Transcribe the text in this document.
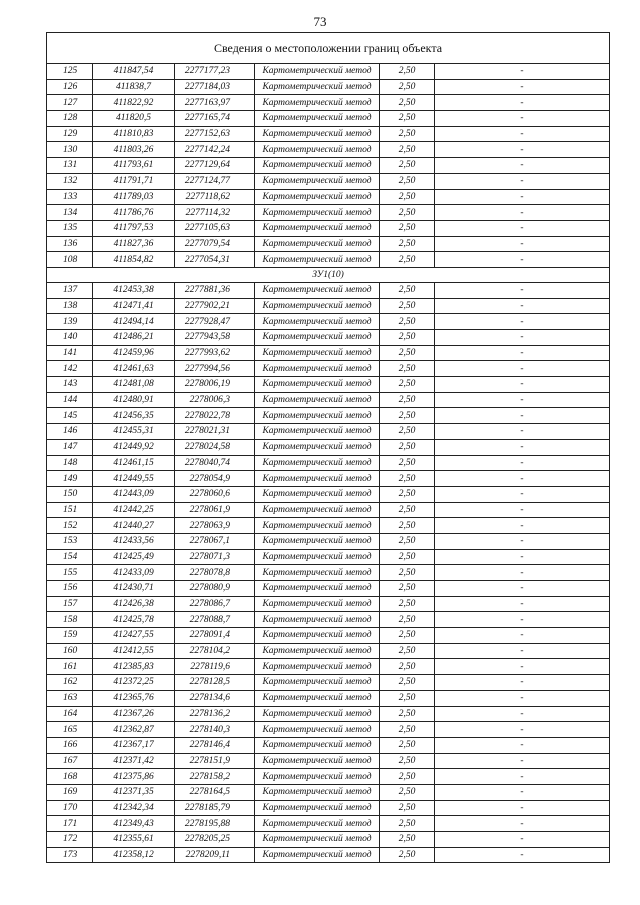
73
Сведения о местоположении границ объекта					
125	411847,54	2277177,23	Картометрический метод	2,50	-
126	411838,7	2277184,03	Картометрический метод	2,50	-
127	411822,92	2277163,97	Картометрический метод	2,50	-
128	411820,5	2277165,74	Картометрический метод	2,50	-
129	411810,83	2277152,63	Картометрический метод	2,50	-
130	411803,26	2277142,24	Картометрический метод	2,50	-
131	411793,61	2277129,64	Картометрический метод	2,50	-
132	411791,71	2277124,77	Картометрический метод	2,50	-
133	411789,03	2277118,62	Картометрический метод	2,50	-
134	411786,76	2277114,32	Картометрический метод	2,50	-
135	411797,53	2277105,63	Картометрический метод	2,50	-
136	411827,36	2277079,54	Картометрический метод	2,50	-
108	411854,82	2277054,31	Картометрический метод	2,50	-
ЗУ1(10)					
137	412453,38	2277881,36	Картометрический метод	2,50	-
138	412471,41	2277902,21	Картометрический метод	2,50	-
139	412494,14	2277928,47	Картометрический метод	2,50	-
140	412486,21	2277943,58	Картометрический метод	2,50	-
141	412459,96	2277993,62	Картометрический метод	2,50	-
142	412461,63	2277994,56	Картометрический метод	2,50	-
143	412481,08	2278006,19	Картометрический метод	2,50	-
144	412480,91	2278006,3	Картометрический метод	2,50	-
145	412456,35	2278022,78	Картометрический метод	2,50	-
146	412455,31	2278021,31	Картометрический метод	2,50	-
147	412449,92	2278024,58	Картометрический метод	2,50	-
148	412461,15	2278040,74	Картометрический метод	2,50	-
149	412449,55	2278054,9	Картометрический метод	2,50	-
150	412443,09	2278060,6	Картометрический метод	2,50	-
151	412442,25	2278061,9	Картометрический метод	2,50	-
152	412440,27	2278063,9	Картометрический метод	2,50	-
153	412433,56	2278067,1	Картометрический метод	2,50	-
154	412425,49	2278071,3	Картометрический метод	2,50	-
155	412433,09	2278078,8	Картометрический метод	2,50	-
156	412430,71	2278080,9	Картометрический метод	2,50	-
157	412426,38	2278086,7	Картометрический метод	2,50	-
158	412425,78	2278088,7	Картометрический метод	2,50	-
159	412427,55	2278091,4	Картометрический метод	2,50	-
160	412412,55	2278104,2	Картометрический метод	2,50	-
161	412385,83	2278119,6	Картометрический метод	2,50	-
162	412372,25	2278128,5	Картометрический метод	2,50	-
163	412365,76	2278134,6	Картометрический метод	2,50	-
164	412367,26	2278136,2	Картометрический метод	2,50	-
165	412362,87	2278140,3	Картометрический метод	2,50	-
166	412367,17	2278146,4	Картометрический метод	2,50	-
167	412371,42	2278151,9	Картометрический метод	2,50	-
168	412375,86	2278158,2	Картометрический метод	2,50	-
169	412371,35	2278164,5	Картометрический метод	2,50	-
170	412342,34	2278185,79	Картометрический метод	2,50	-
171	412349,43	2278195,88	Картометрический метод	2,50	-
172	412355,61	2278205,25	Картометрический метод	2,50	-
173	412358,12	2278209,11	Картометрический метод	2,50	-
